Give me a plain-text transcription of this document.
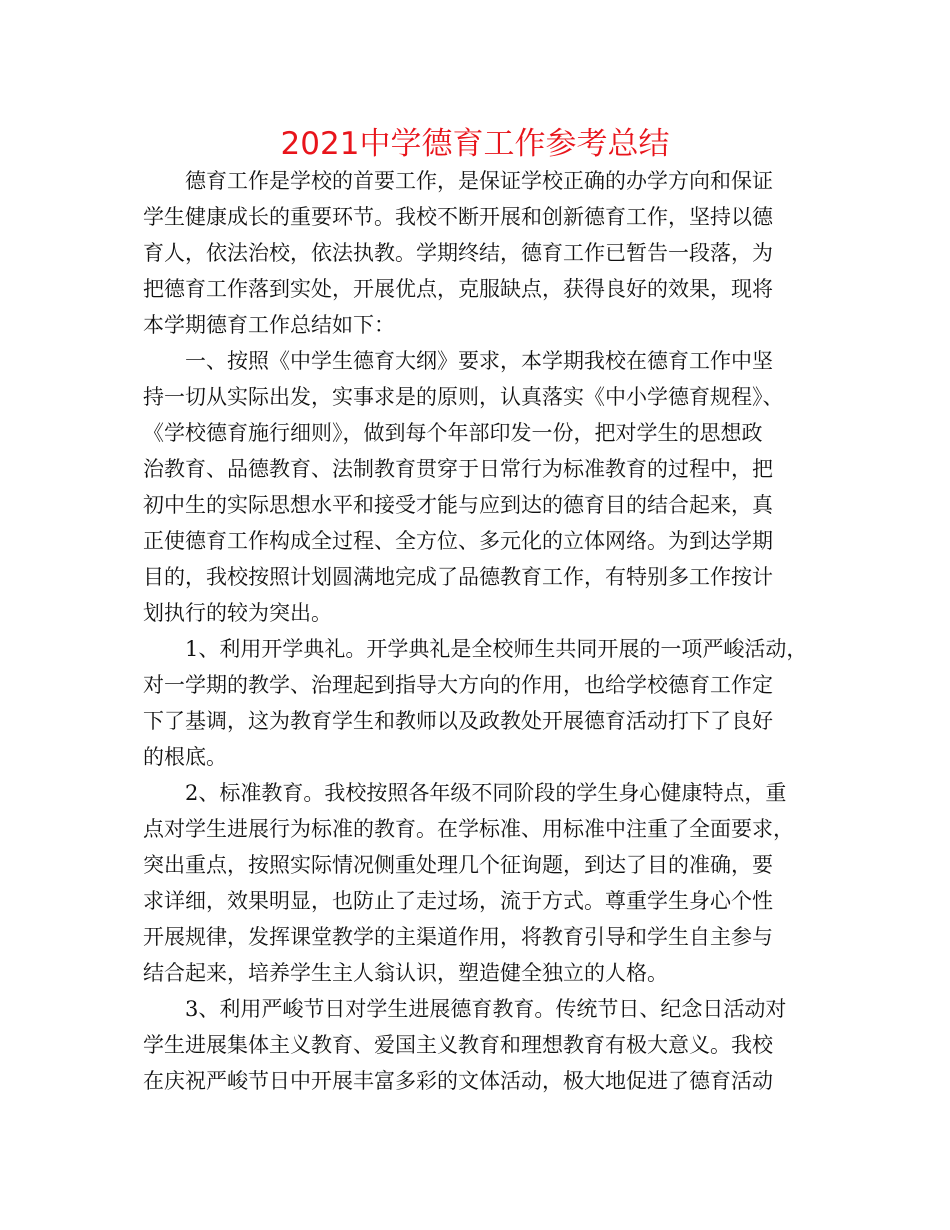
2021中学德育工作参考总结

德育工作是学校的首要工作，是保证学校正确的办学方向和保证
学生健康成长的重要环节。我校不断开展和创新德育工作，坚持以德
育人，依法治校，依法执教。学期终结，德育工作已暂告一段落，为
把德育工作落到实处，开展优点，克服缺点，获得良好的效果，现将
本学期德育工作总结如下：

一、按照《中学生德育大纲》要求，本学期我校在德育工作中坚
持一切从实际出发，实事求是的原则，认真落实《中小学德育规程》、
《学校德育施行细则》，做到每个年部印发一份，把对学生的思想政
治教育、品德教育、法制教育贯穿于日常行为标准教育的过程中，把
初中生的实际思想水平和接受才能与应到达的德育目的结合起来，真
正使德育工作构成全过程、全方位、多元化的立体网络。为到达学期
目的，我校按照计划圆满地完成了品德教育工作，有特别多工作按计
划执行的较为突出。

1、利用开学典礼。开学典礼是全校师生共同开展的一项严峻活动，
对一学期的教学、治理起到指导大方向的作用，也给学校德育工作定
下了基调，这为教育学生和教师以及政教处开展德育活动打下了良好
的根底。

2、标准教育。我校按照各年级不同阶段的学生身心健康特点，重
点对学生进展行为标准的教育。在学标准、用标准中注重了全面要求，
突出重点，按照实际情况侧重处理几个征询题，到达了目的准确，要
求详细，效果明显，也防止了走过场，流于方式。尊重学生身心个性
开展规律，发挥课堂教学的主渠道作用，将教育引导和学生自主参与
结合起来，培养学生主人翁认识，塑造健全独立的人格。

3、利用严峻节日对学生进展德育教育。传统节日、纪念日活动对
学生进展集体主义教育、爱国主义教育和理想教育有极大意义。我校
在庆祝严峻节日中开展丰富多彩的文体活动，极大地促进了德育活动
